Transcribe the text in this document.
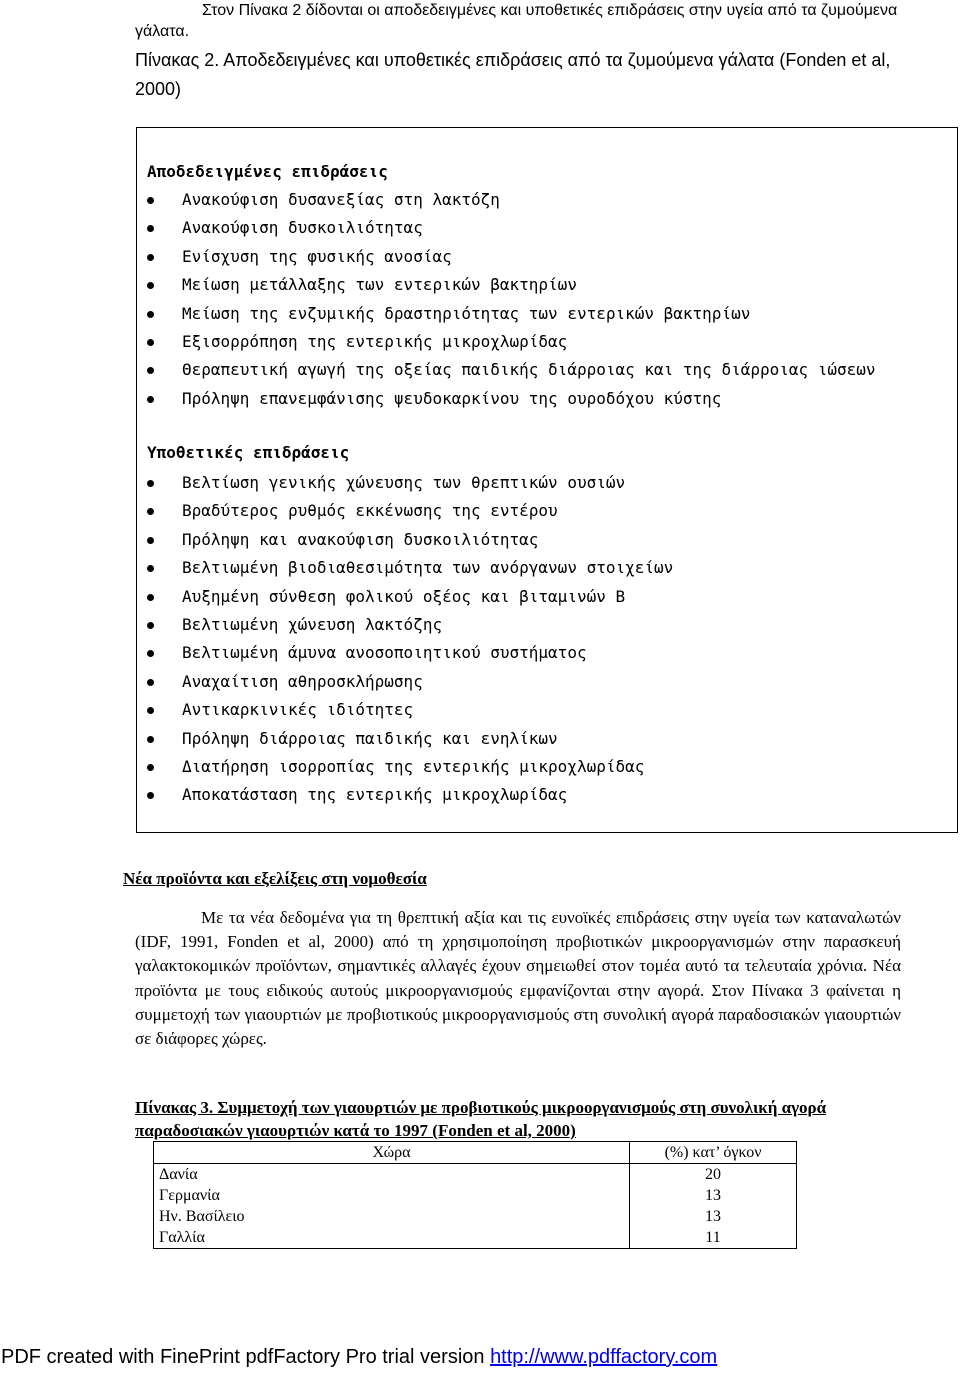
Στον Πίνακα 2 δίδονται οι αποδεδειγμένες και υποθετικές επιδράσεις στην υγεία από τα ζυμούμενα γάλατα.
Πίνακας 2. Αποδεδειγμένες και υποθετικές επιδράσεις από τα ζυμούμενα γάλατα (Fonden et al, 2000)
Αποδεδειγμένες επιδράσεις
Ανακούφιση δυσανεξίας στη λακτόζη
Ανακούφιση δυσκοιλιότητας
Ενίσχυση της φυσικής ανοσίας
Μείωση μετάλλαξης των εντερικών βακτηρίων
Μείωση της ενζυμικής δραστηριότητας των εντερικών βακτηρίων
Εξισορρόπηση της εντερικής μικροχλωρίδας
Θεραπευτική αγωγή της οξείας παιδικής διάρροιας και της διάρροιας ιώσεων
Πρόληψη επανεμφάνισης ψευδοκαρκίνου της ουροδόχου κύστης
Υποθετικές επιδράσεις
Βελτίωση γενικής χώνευσης των θρεπτικών ουσιών
Βραδύτερος ρυθμός εκκένωσης της εντέρου
Πρόληψη και ανακούφιση δυσκοιλιότητας
Βελτιωμένη βιοδιαθεσιμότητα των ανόργανων στοιχείων
Αυξημένη σύνθεση φολικού οξέος και βιταμινών Β
Βελτιωμένη χώνευση λακτόζης
Βελτιωμένη άμυνα ανοσοποιητικού συστήματος
Αναχαίτιση αθηροσκλήρωσης
Αντικαρκινικές ιδιότητες
Πρόληψη διάρροιας παιδικής και ενηλίκων
Διατήρηση ισορροπίας της εντερικής μικροχλωρίδας
Αποκατάσταση της εντερικής μικροχλωρίδας
Νέα προϊόντα και εξελίξεις στη νομοθεσία
Με τα νέα δεδομένα για τη θρεπτική αξία και τις ευνοϊκές επιδράσεις στην υγεία των καταναλωτών (IDF, 1991, Fonden et al, 2000) από τη χρησιμοποίηση προβιοτικών μικροοργανισμών στην παρασκευή γαλακτοκομικών προϊόντων, σημαντικές αλλαγές έχουν σημειωθεί στον τομέα αυτό τα τελευταία χρόνια. Νέα προϊόντα με τους ειδικούς αυτούς μικροοργανισμούς εμφανίζονται στην αγορά. Στον Πίνακα 3 φαίνεται η συμμετοχή των γιαουρτιών με προβιοτικούς μικροοργανισμούς στη συνολική αγορά παραδοσιακών γιαουρτιών σε διάφορες χώρες.
Πίνακας 3. Συμμετοχή των γιαουρτιών με προβιοτικούς μικροοργανισμούς στη συνολική αγορά παραδοσιακών γιαουρτιών κατά το 1997 (Fonden et al, 2000)
Χώρα	(%) κατ’ όγκον
Δανία	20
Γερμανία	13
Ην. Βασίλειο	13
Γαλλία	11
PDF created with FinePrint pdfFactory Pro trial version http://www.pdffactory.com
